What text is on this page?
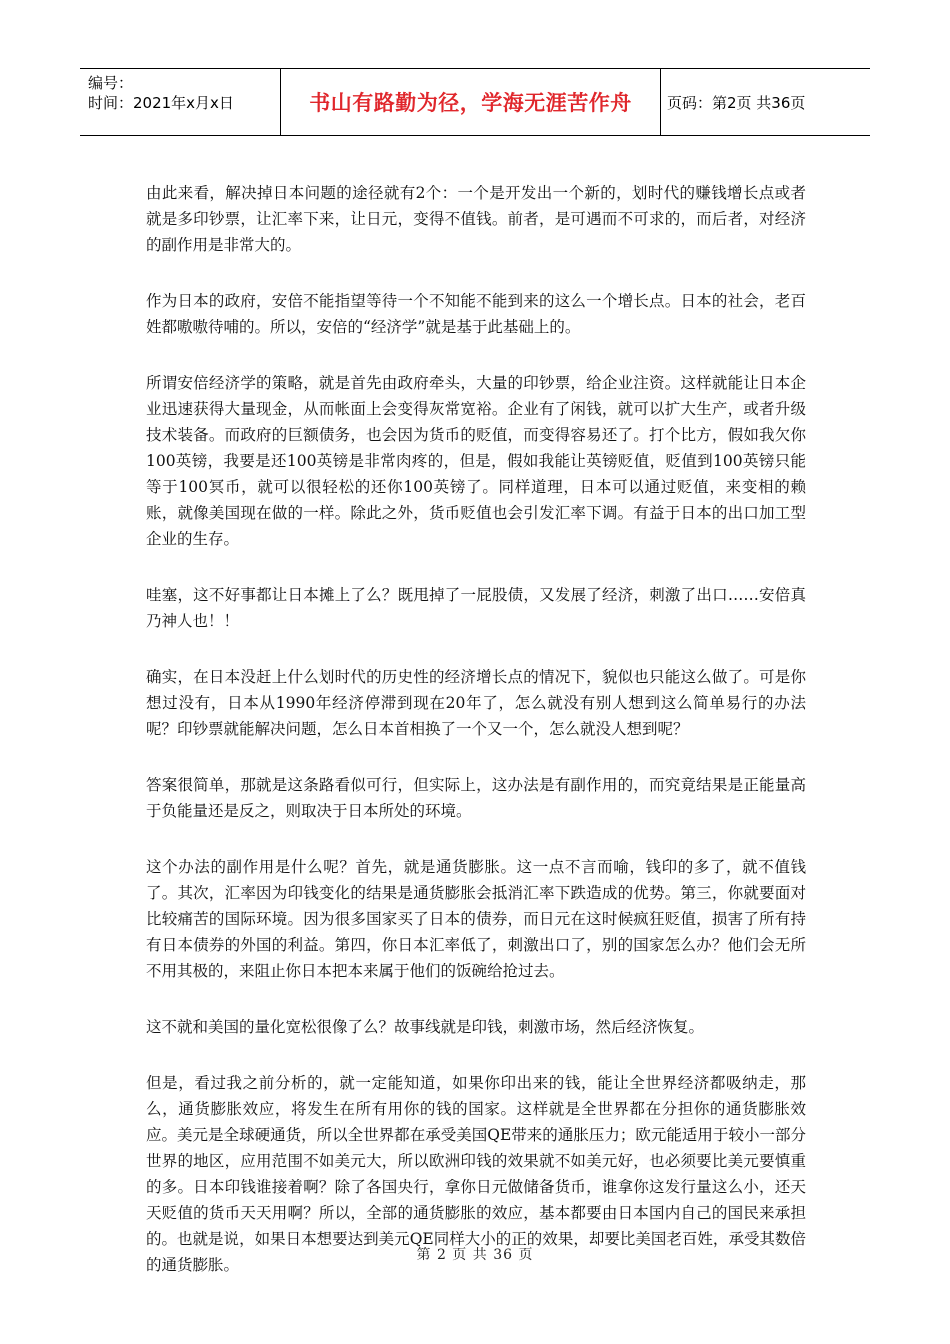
编号：
时间：2021年x月x日	书山有路勤为径，学海无涯苦作舟	页码：第2页 共36页

由此来看，解决掉日本问题的途径就有2个：一个是开发出一个新的，划时代的赚钱增长点或者就是多印钞票，让汇率下来，让日元，变得不值钱。前者，是可遇而不可求的，而后者，对经济的副作用是非常大的。

作为日本的政府，安倍不能指望等待一个不知能不能到来的这么一个增长点。日本的社会，老百姓都嗷嗷待哺的。所以，安倍的“经济学”就是基于此基础上的。

所谓安倍经济学的策略，就是首先由政府牵头，大量的印钞票，给企业注资。这样就能让日本企业迅速获得大量现金，从而帐面上会变得灰常宽裕。企业有了闲钱，就可以扩大生产，或者升级技术装备。而政府的巨额债务，也会因为货币的贬值，而变得容易还了。打个比方，假如我欠你100英镑，我要是还100英镑是非常肉疼的，但是，假如我能让英镑贬值，贬值到100英镑只能等于100冥币，就可以很轻松的还你100英镑了。同样道理，日本可以通过贬值，来变相的赖账，就像美国现在做的一样。除此之外，货币贬值也会引发汇率下调。有益于日本的出口加工型企业的生存。

哇塞，这不好事都让日本摊上了么？既甩掉了一屁股债，又发展了经济，刺激了出口……安倍真乃神人也！！

确实，在日本没赶上什么划时代的历史性的经济增长点的情况下，貌似也只能这么做了。可是你想过没有，日本从1990年经济停滞到现在20年了，怎么就没有别人想到这么简单易行的办法呢？印钞票就能解决问题，怎么日本首相换了一个又一个，怎么就没人想到呢？

答案很简单，那就是这条路看似可行，但实际上，这办法是有副作用的，而究竟结果是正能量高于负能量还是反之，则取决于日本所处的环境。

这个办法的副作用是什么呢？首先，就是通货膨胀。这一点不言而喻，钱印的多了，就不值钱了。其次，汇率因为印钱变化的结果是通货膨胀会抵消汇率下跌造成的优势。第三，你就要面对比较痛苦的国际环境。因为很多国家买了日本的债券，而日元在这时候疯狂贬值，损害了所有持有日本债券的外国的利益。第四，你日本汇率低了，刺激出口了，别的国家怎么办？他们会无所不用其极的，来阻止你日本把本来属于他们的饭碗给抢过去。

这不就和美国的量化宽松很像了么？故事线就是印钱，刺激市场，然后经济恢复。

但是，看过我之前分析的，就一定能知道，如果你印出来的钱，能让全世界经济都吸纳走，那么，通货膨胀效应，将发生在所有用你的钱的国家。这样就是全世界都在分担你的通货膨胀效应。美元是全球硬通货，所以全世界都在承受美国QE带来的通胀压力；欧元能适用于较小一部分世界的地区，应用范围不如美元大，所以欧洲印钱的效果就不如美元好，也必须要比美元要慎重的多。日本印钱谁接着啊？除了各国央行，拿你日元做储备货币，谁拿你这发行量这么小，还天天贬值的货币天天用啊？所以，全部的通货膨胀的效应，基本都要由日本国内自己的国民来承担的。也就是说，如果日本想要达到美元QE同样大小的正的效果，却要比美国老百姓，承受其数倍的通货膨胀。

第 2 页 共 36 页
